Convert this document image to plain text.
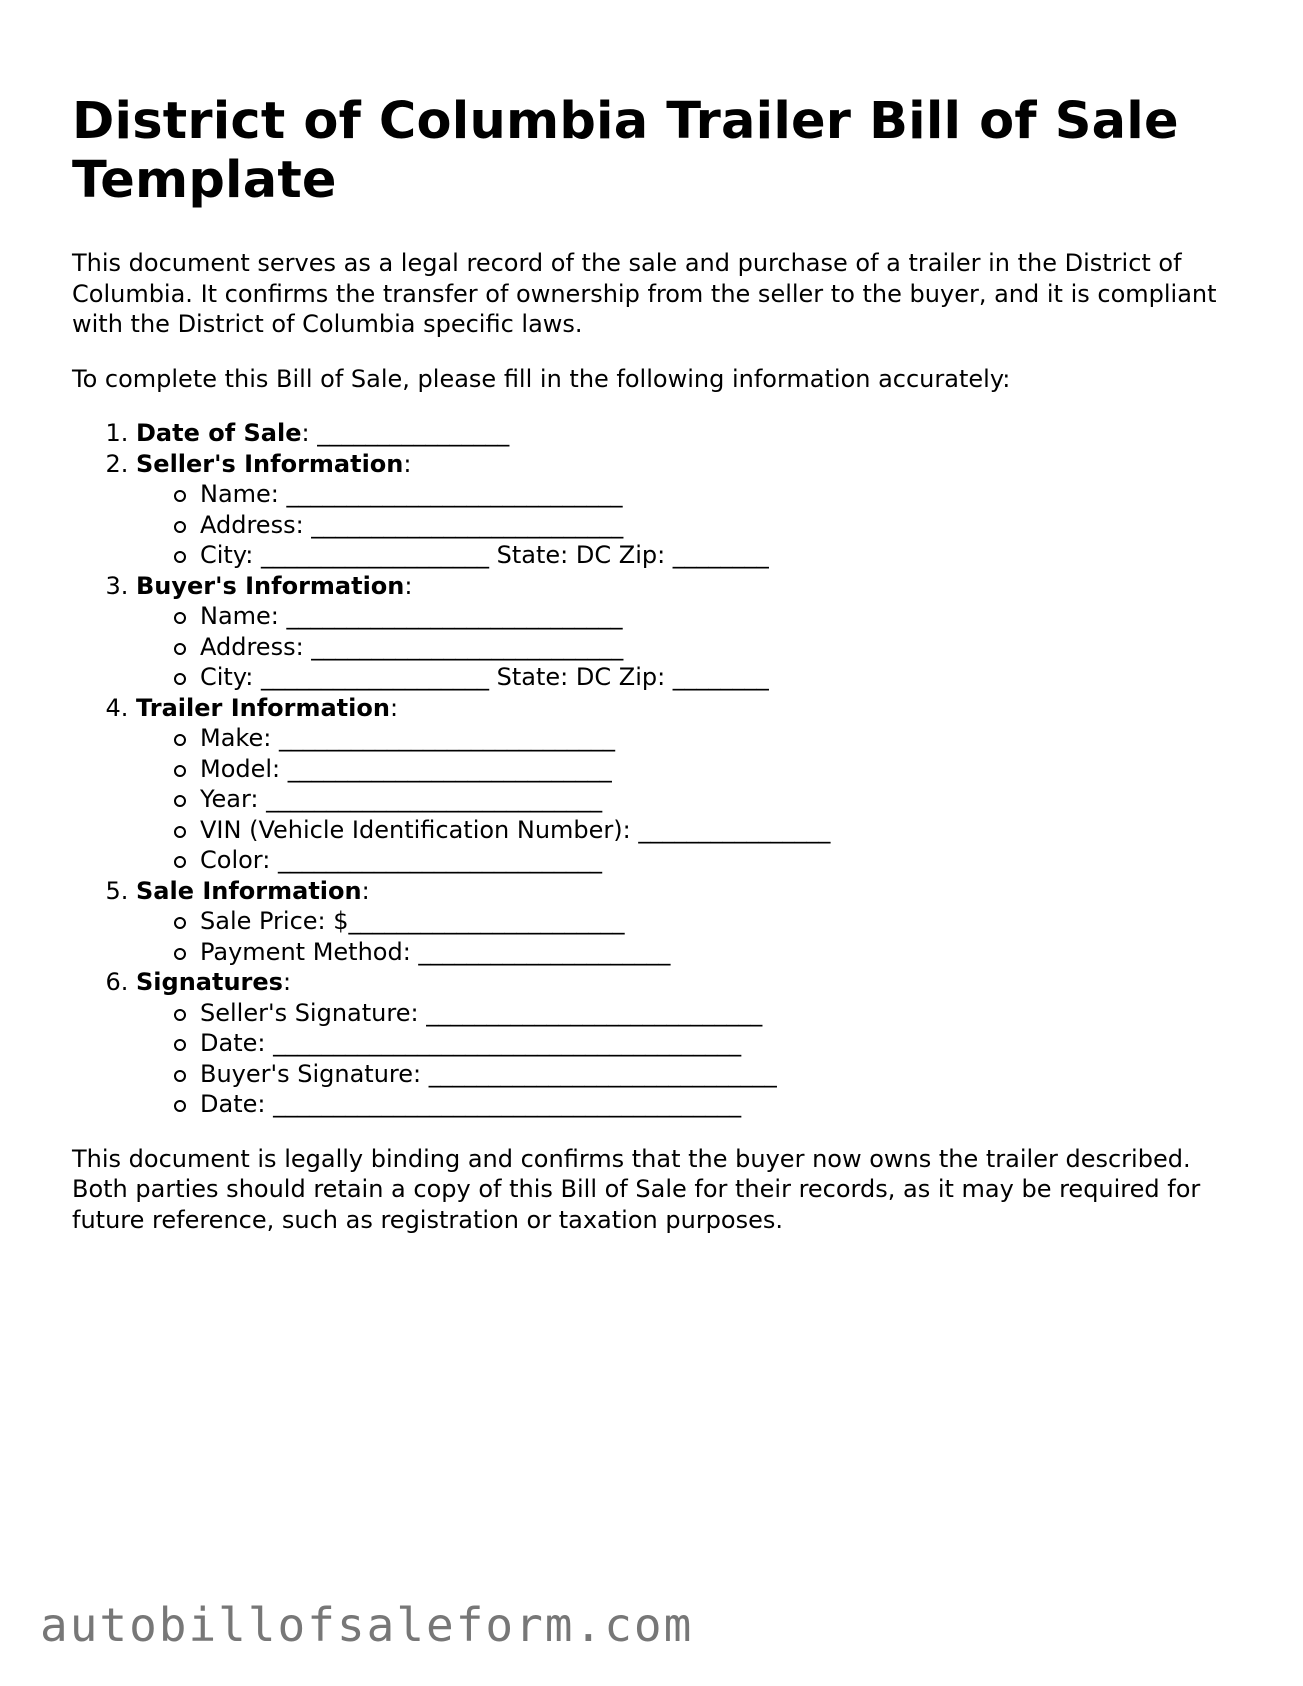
District of Columbia Trailer Bill of Sale Template

This document serves as a legal record of the sale and purchase of a trailer in the District of Columbia. It confirms the transfer of ownership from the seller to the buyer, and it is compliant with the District of Columbia specific laws.

To complete this Bill of Sale, please fill in the following information accurately:

1. Date of Sale: ________________
2. Seller's Information:
Name: ____________________________
Address: __________________________
City: ___________________ State: DC Zip: ________
3. Buyer's Information:
Name: ____________________________
Address: __________________________
City: ___________________ State: DC Zip: ________
4. Trailer Information:
Make: ____________________________
Model: ___________________________
Year: ____________________________
VIN (Vehicle Identification Number): ________________
Color: ___________________________
5. Sale Information:
Sale Price: $_______________________
Payment Method: _____________________
6. Signatures:
Seller's Signature: ____________________________
Date: _______________________________________
Buyer's Signature: _____________________________
Date: _______________________________________

This document is legally binding and confirms that the buyer now owns the trailer described. Both parties should retain a copy of this Bill of Sale for their records, as it may be required for future reference, such as registration or taxation purposes.

autobillofsaleform.com
